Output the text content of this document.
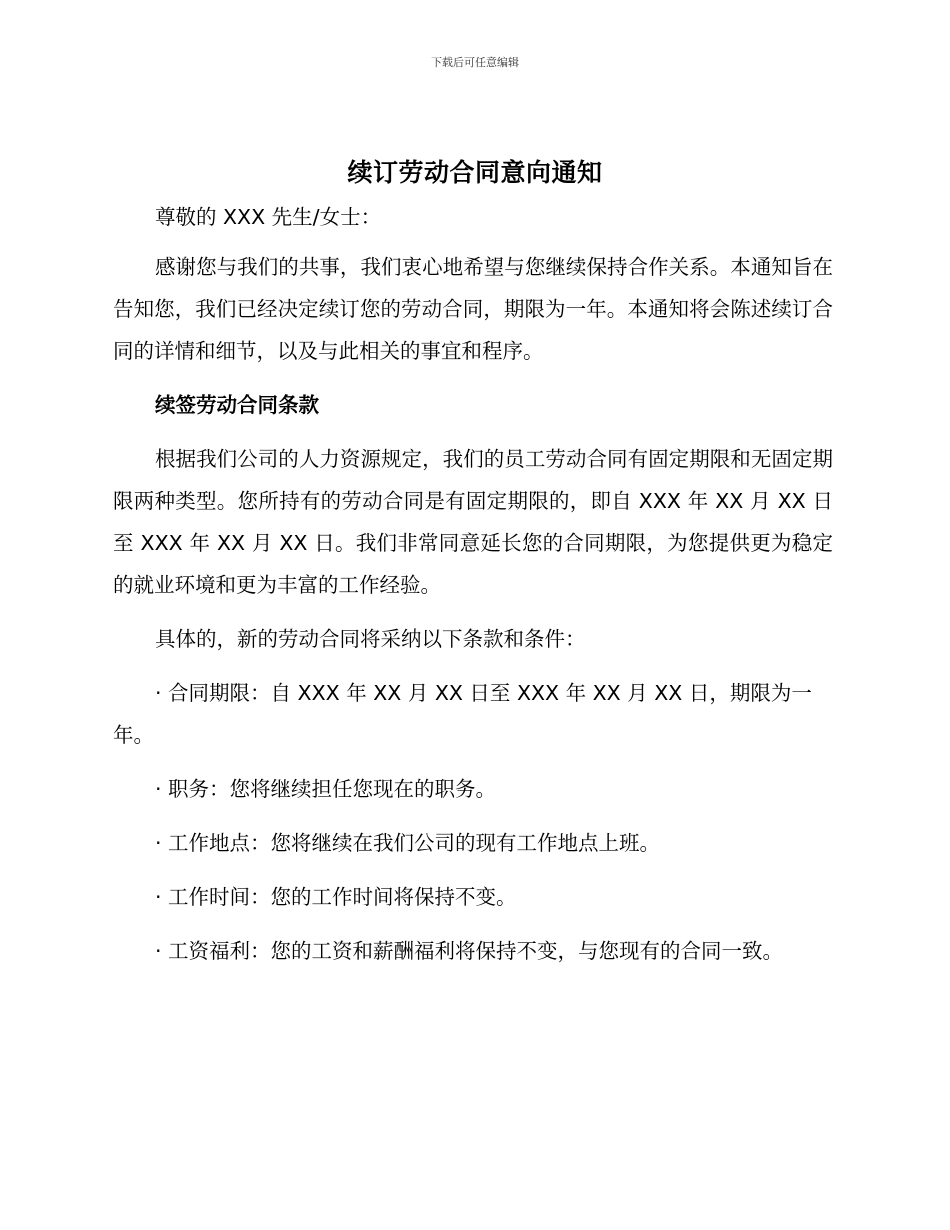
下载后可任意编辑
续订劳动合同意向通知

尊敬的 XXX 先生/女士：

感谢您与我们的共事，我们衷心地希望与您继续保持合作关系。本通知旨在告知您，我们已经决定续订您的劳动合同，期限为一年。本通知将会陈述续订合同的详情和细节，以及与此相关的事宜和程序。

续签劳动合同条款

根据我们公司的人力资源规定，我们的员工劳动合同有固定期限和无固定期限两种类型。您所持有的劳动合同是有固定期限的，即自 XXX 年 XX 月 XX 日至 XXX 年 XX 月 XX 日。我们非常同意延长您的合同期限，为您提供更为稳定的就业环境和更为丰富的工作经验。

具体的，新的劳动合同将采纳以下条款和条件：

· 合同期限：自 XXX 年 XX 月 XX 日至 XXX 年 XX 月 XX 日，期限为一年。

· 职务：您将继续担任您现在的职务。

· 工作地点：您将继续在我们公司的现有工作地点上班。

· 工作时间：您的工作时间将保持不变。

· 工资福利：您的工资和薪酬福利将保持不变，与您现有的合同一致。
